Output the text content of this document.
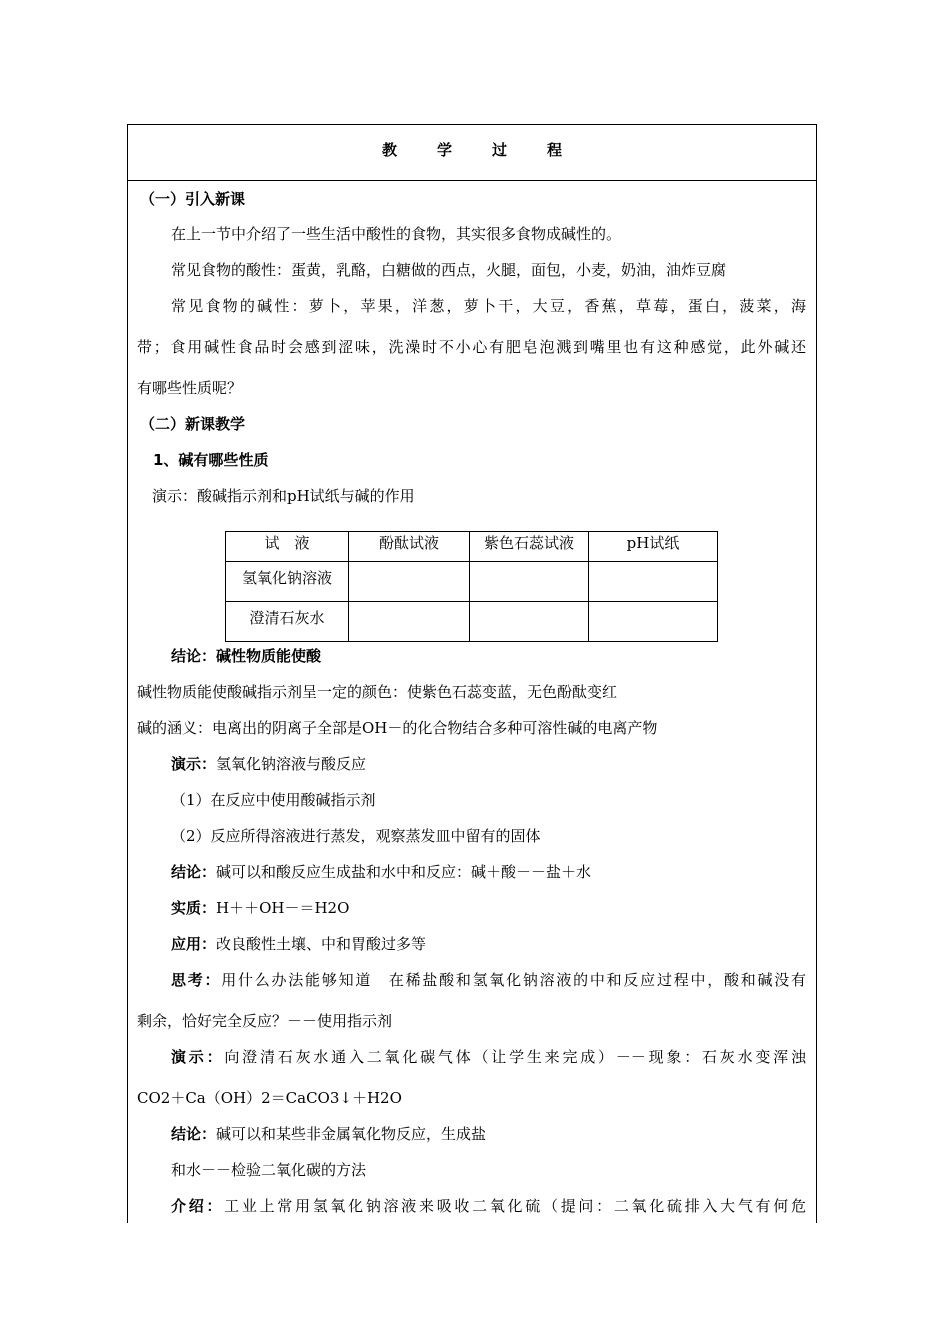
教	学	过	程
（一）引入新课
在上一节中介绍了一些生活中酸性的食物，其实很多食物成碱性的。
常见食物的酸性：蛋黄，乳酪，白糖做的西点，火腿，面包，小麦，奶油，油炸豆腐
常见食物的碱性：萝卜，苹果，洋葱，萝卜干，大豆，香蕉，草莓，蛋白，菠菜，海
带；食用碱性食品时会感到涩味，洗澡时不小心有肥皂泡溅到嘴里也有这种感觉，此外碱还
有哪些性质呢？
（二）新课教学
1、碱有哪些性质
演示：酸碱指示剂和pH试纸与碱的作用
试　液	酚酞试液	紫色石蕊试液	pH试纸
氢氧化钠溶液			
澄清石灰水			
结论：碱性物质能使酸
碱性物质能使酸碱指示剂呈一定的颜色：使紫色石蕊变蓝，无色酚酞变红
碱的涵义：电离出的阴离子全部是OH－的化合物结合多种可溶性碱的电离产物
演示：氢氧化钠溶液与酸反应
（1）在反应中使用酸碱指示剂
（2）反应所得溶液进行蒸发，观察蒸发皿中留有的固体
结论：碱可以和酸反应生成盐和水中和反应：碱＋酸－－盐＋水
实质：H＋＋OH－＝H2O
应用：改良酸性土壤、中和胃酸过多等
思考：用什么办法能够知道　在稀盐酸和氢氧化钠溶液的中和反应过程中，酸和碱没有
剩余，恰好完全反应？－－使用指示剂
演示：向澄清石灰水通入二氧化碳气体（让学生来完成）－－现象：石灰水变浑浊
CO2＋Ca（OH）2＝CaCO3↓＋H2O
结论：碱可以和某些非金属氧化物反应，生成盐
和水－－检验二氧化碳的方法
介绍：工业上常用氢氧化钠溶液来吸收二氧化硫（提问：二氧化硫排入大气有何危
